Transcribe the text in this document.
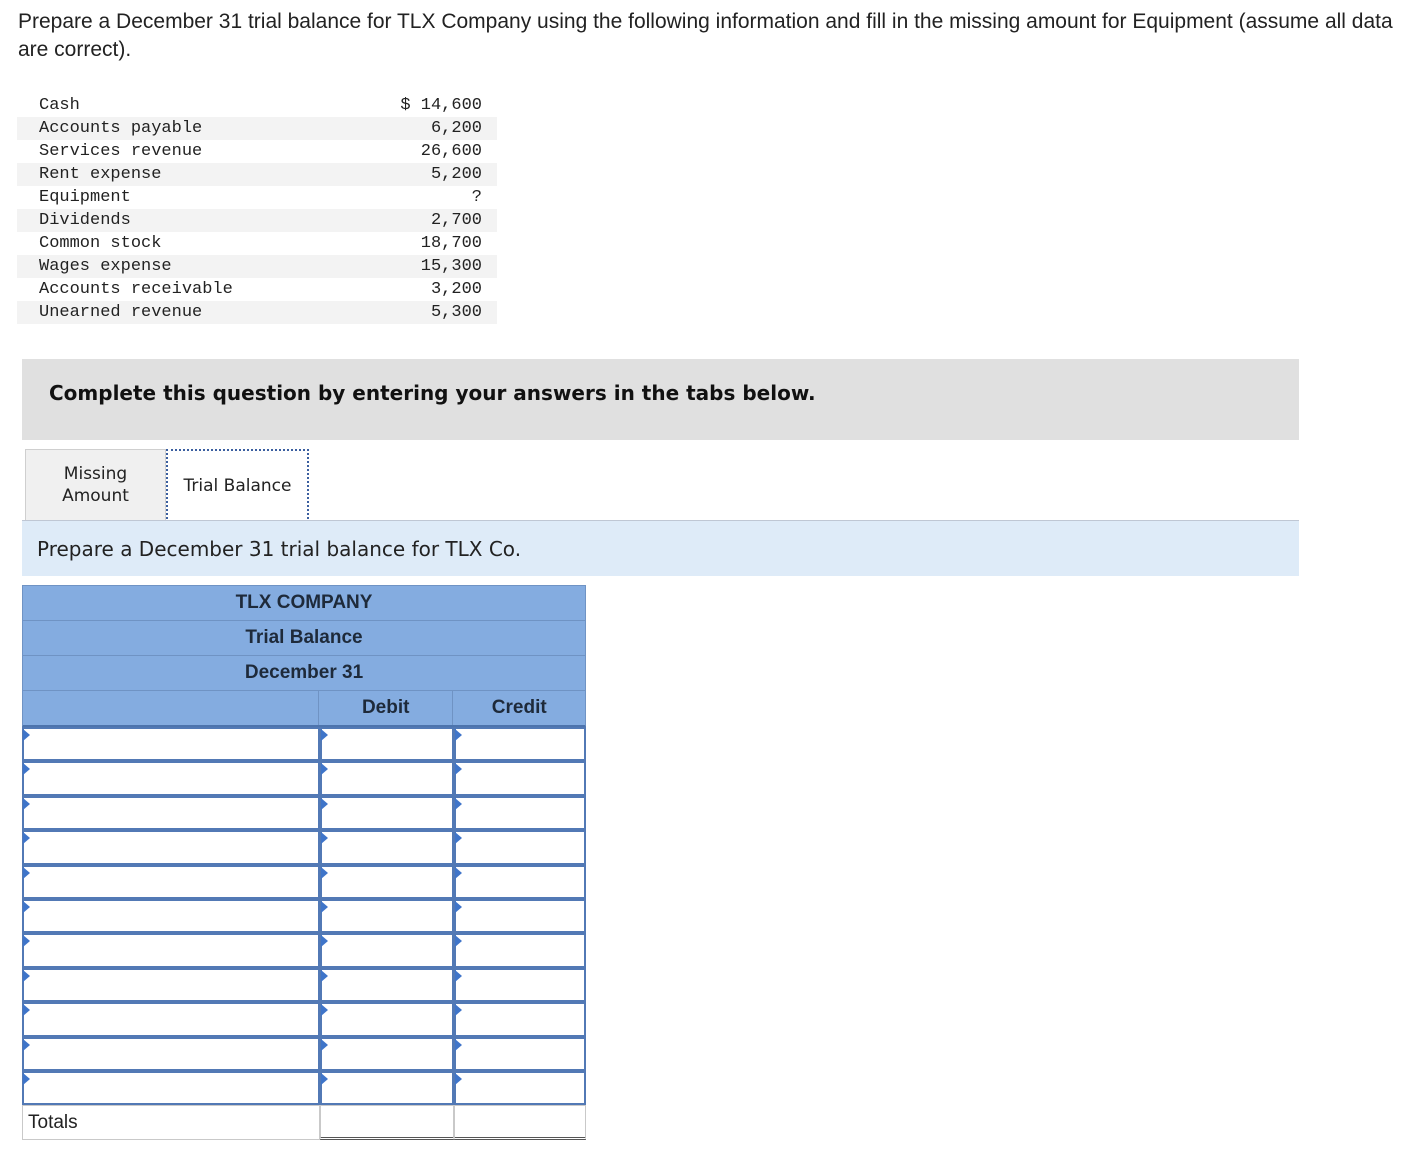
Prepare a December 31 trial balance for TLX Company using the following information and fill in the missing amount for Equipment (assume all data are correct).

Cash	$ 14,600
Accounts payable	6,200
Services revenue	26,600
Rent expense	5,200
Equipment	?
Dividends	2,700
Common stock	18,700
Wages expense	15,300
Accounts receivable	3,200
Unearned revenue	5,300
Complete this question by entering your answers in the tabs below.
Missing Amount	Trial Balance
Prepare a December 31 trial balance for TLX Co.
TLX COMPANY
Trial Balance
December 31
Debit	Credit
Totals
